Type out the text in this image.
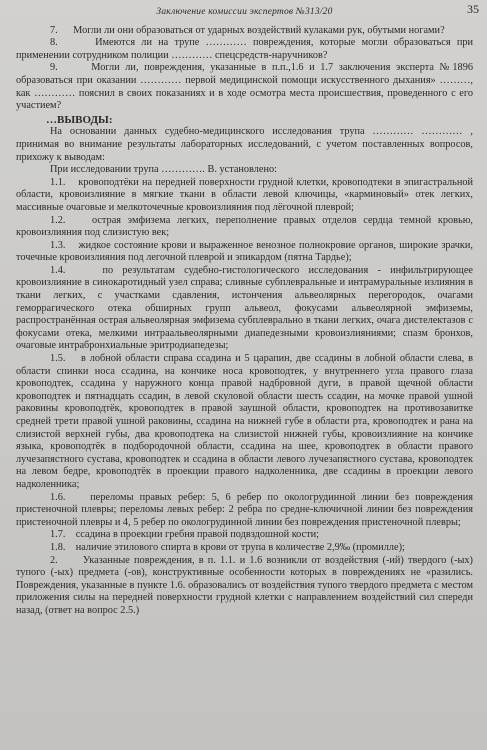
35
Заключение комиссии экспертов №313/20

7.      Могли ли они образоваться от ударных воздействий кулаками рук, обутыми ногами?

8.      Имеются ли на трупе ………… повреждения, которые могли образоваться при применении сотрудником полиции ………… спецсредств-наручников?

9.      Могли ли, повреждения, указанные в п.п.,1.6 и 1.7 заключения эксперта №1896 образоваться при оказании ………… первой медицинской помощи искусственного дыхания» ………, как ………… пояснил в своих показаниях и в ходе осмотра места происшествия, проведенного с его участием?

…ВЫВОДЫ:

На основании данных судебно-медицинского исследования трупа ………… ………… , принимая во внимание результаты лабораторных исследований, с учетом поставленных вопросов, прихожу к выводам:

При исследовании трупа …………. В. установлено:

1.1.    кровоподтёки на передней поверхности грудной клетки, кровоподтеки в эпигастральной области, кровоизлияние в мягкие ткани в области левой ключицы, «карминовый» отек легких, массивные очаговые и мелкоточечные кровоизлияния под лёгочной плеврой;

1.2.    острая эмфизема легких, переполнение правых отделов сердца темной кровью, кровоизлияния под слизистую век;

1.3.    жидкое состояние крови и выраженное венозное полнокровие органов, широкие зрачки, точечные кровоизлияния под легочной плеврой и эпикардом (пятна Тардье);

1.4.    по результатам судебно-гистологического исследования - инфильтрирующее кровоизлияние в синокаротидный узел справа; сливные субплевральные и интрамуральные излияния в ткани легких, с участками сдавления, истончения альвеолярных перегородок, очагами геморрагического отека обширных групп альвеол, фокусами альвеолярной эмфиземы, распространённая острая альвеолярная эмфизема субплеврально в ткани легких, очага дистелектазов с фокусами отека, мелкими интраальвеолярными диапедезными кровоизлияниями; спазм бронхов, очаговые интрабронхиальные эритродиапедезы;

1.5.    в лобной области справа ссадина и 5 царапин, две ссадины в лобной области слева, в области спинки носа ссадина, на кончике носа кровоподтек, у внутреннего угла правого глаза кровоподтек, ссадина у наружного конца правой надбровной дуги, в правой щечной области кровоподтек и пятнадцать ссадин, в левой скуловой области шесть ссадин, на мочке правой ушной раковины кровоподтёк, кровоподтек в правой заушной области, кровоподтек на противозавитке средней трети правой ушной раковины, ссадина на нижней губе в области рта, кровоподтек и рана на слизистой верхней губы, два кровоподтека на слизистой нижней губы, кровоизлияние на кончике языка, кровоподтёк в подбородочной области, ссадина на шее, кровоподтек в области правого лучезапястного сустава, кровоподтек и ссадина в области левого лучезапястного сустава, кровоподтек на левом бедре, кровоподтёк в проекции правого надколенника, две ссадины в проекции левого надколенника;

1.6.    переломы правых ребер: 5, 6 ребер по окологрудинной линии без повреждения пристеночной плевры; переломы левых ребер: 2 ребра по средне-ключичной линии без повреждения пристеночной плевры и 4, 5 ребер по окологрудинной линии без повреждения пристеночной плевры;

1.7.    ссадина в проекции гребня правой подвздошной кости;

1.8.    наличие этилового спирта в крови от трупа в количестве 2,9‰ (промилле);

2.      Указанные повреждения, в п. 1.1. и 1.6 возникли от воздействия (-ий) твердого (-ых) тупого (-ых) предмета (-ов), конструктивные особенности которых в повреждениях не «разились. Повреждения, указанные в пункте 1.6. образовались от воздействия тупого твердого предмета с местом приложения силы на передней поверхности грудной клетки с направлением воздействий сил спереди назад, (ответ на вопрос 2.5.)
